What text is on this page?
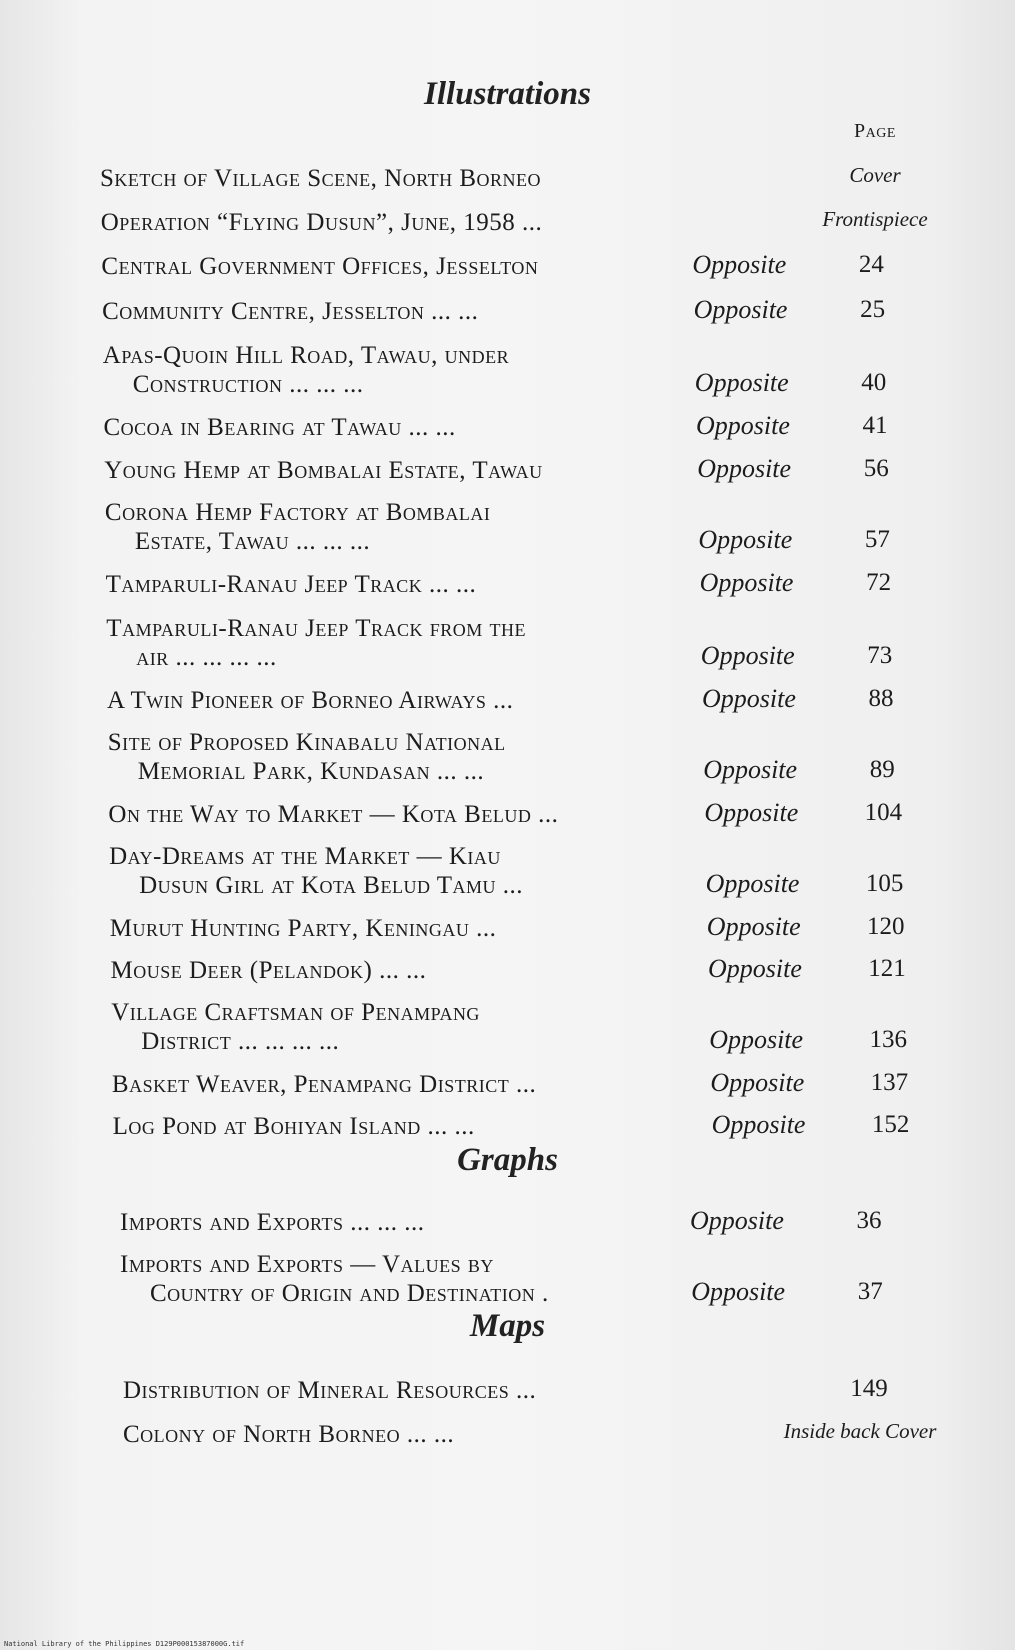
Illustrations
Page
Sketch of Village Scene, North Borneo	Cover
Operation “Flying Dusun”, June, 1958 ...	Frontispiece
Central Government Offices, Jesselton	Opposite	24
Community Centre, Jesselton ... ...	Opposite	25
Apas-Quoin Hill Road, Tawau, under
Construction ... ... ...	Opposite	40
Cocoa in Bearing at Tawau ... ...	Opposite	41
Young Hemp at Bombalai Estate, Tawau	Opposite	56
Corona Hemp Factory at Bombalai
Estate, Tawau ... ... ...	Opposite	57
Tamparuli-Ranau Jeep Track ... ...	Opposite	72
Tamparuli-Ranau Jeep Track from the
air ... ... ... ...	Opposite	73
A Twin Pioneer of Borneo Airways ...	Opposite	88
Site of Proposed Kinabalu National
Memorial Park, Kundasan ... ...	Opposite	89
On the Way to Market — Kota Belud ...	Opposite	104
Day-Dreams at the Market — Kiau
Dusun Girl at Kota Belud Tamu ...	Opposite	105
Murut Hunting Party, Keningau ...	Opposite	120
Mouse Deer (Pelandok) ... ...	Opposite	121
Village Craftsman of Penampang
District ... ... ... ...	Opposite	136
Basket Weaver, Penampang District ...	Opposite	137
Log Pond at Bohiyan Island ... ...	Opposite	152
Graphs
Imports and Exports ... ... ...	Opposite	36
Imports and Exports — Values by
Country of Origin and Destination .	Opposite	37
Maps
Distribution of Mineral Resources ...	149
Colony of North Borneo ... ...	Inside back Cover
National Library of the Philippines D129P00015387000G.tif
